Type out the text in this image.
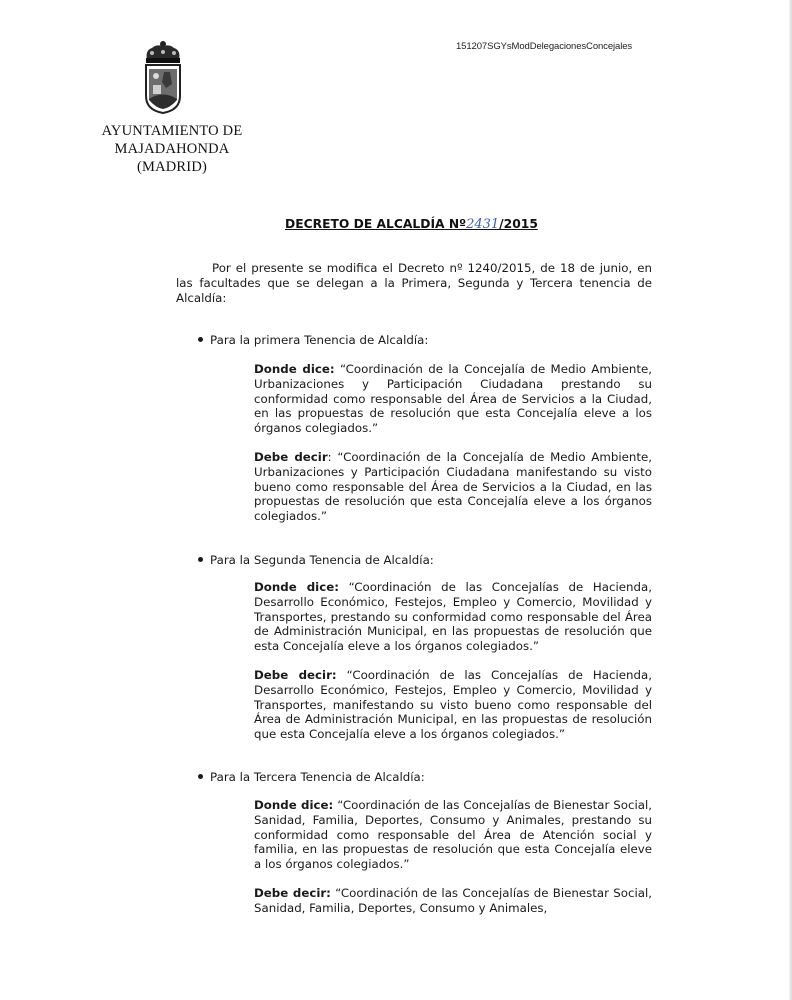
AYUNTAMIENTO DE
MAJADAHONDA
(MADRID)
151207SGYsModDelegacionesConcejales
DECRETO DE ALCALDÍA Nº2431/2015

Por el presente se modifica el Decreto nº 1240/2015, de 18 de junio, en las facultades que se delegan a la Primera, Segunda y Tercera tenencia de Alcaldía:

Para la primera Tenencia de Alcaldía:

Donde dice: “Coordinación de la Concejalía de Medio Ambiente, Urbanizaciones y Participación Ciudadana prestando su conformidad como responsable del Área de Servicios a la Ciudad, en las propuestas de resolución que esta Concejalía eleve a los órganos colegiados.”

Debe decir: “Coordinación de la Concejalía de Medio Ambiente, Urbanizaciones y Participación Ciudadana manifestando su visto bueno como responsable del Área de Servicios a la Ciudad, en las propuestas de resolución que esta Concejalía eleve a los órganos colegiados.”

Para la Segunda Tenencia de Alcaldía:

Donde dice: “Coordinación de las Concejalías de Hacienda, Desarrollo Económico, Festejos, Empleo y Comercio, Movilidad y Transportes, prestando su conformidad como responsable del Área de Administración Municipal, en las propuestas de resolución que esta Concejalía eleve a los órganos colegiados.”

Debe decir: “Coordinación de las Concejalías de Hacienda, Desarrollo Económico, Festejos, Empleo y Comercio, Movilidad y Transportes, manifestando su visto bueno como responsable del Área de Administración Municipal, en las propuestas de resolución que esta Concejalía eleve a los órganos colegiados.”

Para la Tercera Tenencia de Alcaldía:

Donde dice: “Coordinación de las Concejalías de Bienestar Social, Sanidad, Familia, Deportes, Consumo y Animales, prestando su conformidad como responsable del Área de Atención social y familia, en las propuestas de resolución que esta Concejalía eleve a los órganos colegiados.”

Debe decir: “Coordinación de las Concejalías de Bienestar Social, Sanidad, Familia, Deportes, Consumo y Animales,
